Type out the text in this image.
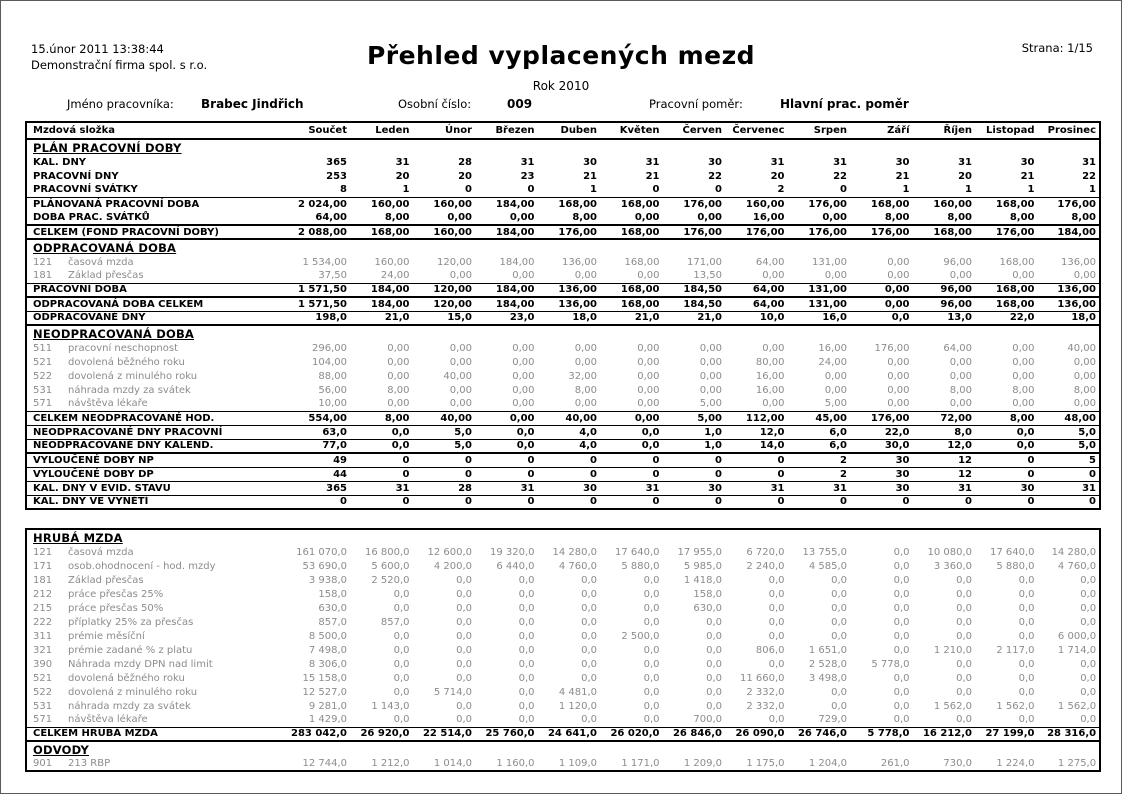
15.únor 2011 13:38:44
Demonstrační firma spol. s r.o.	Přehled vyplacených mezd
Rok 2010
Strana: 1/15
Jméno pracovníka: Brabec Jindřich	Osobní číslo:	009	Pracovní poměr:	Hlavní prac. poměr
Mzdová složka	Součet	Leden	Únor	Březen	Duben	Květen	Červen	Červenec	Srpen	Září	Říjen	Listopad	Prosinec
PLÁN PRACOVNÍ DOBY													
KAL. DNY	365	31	28	31	30	31	30	31	31	30	31	30	31
PRACOVNÍ DNY	253	20	20	23	21	21	22	20	22	21	20	21	22
PRACOVNÍ SVÁTKY	8	1	0	0	1	0	0	2	0	1	1	1	1
PLÁNOVANÁ PRACOVNÍ DOBA	2 024,00	160,00	160,00	184,00	168,00	168,00	176,00	160,00	176,00	168,00	160,00	168,00	176,00
DOBA PRAC. SVÁTKŮ	64,00	8,00	0,00	0,00	8,00	0,00	0,00	16,00	0,00	8,00	8,00	8,00	8,00
CELKEM (FOND PRACOVNÍ DOBY)	2 088,00	168,00	160,00	184,00	176,00	168,00	176,00	176,00	176,00	176,00	168,00	176,00	184,00
ODPRACOVANÁ DOBA													
121 časová mzda	1 534,00	160,00	120,00	184,00	136,00	168,00	171,00	64,00	131,00	0,00	96,00	168,00	136,00
181 Základ přesčas	37,50	24,00	0,00	0,00	0,00	0,00	13,50	0,00	0,00	0,00	0,00	0,00	0,00
PRACOVNÍ DOBA	1 571,50	184,00	120,00	184,00	136,00	168,00	184,50	64,00	131,00	0,00	96,00	168,00	136,00
ODPRACOVANÁ DOBA CELKEM	1 571,50	184,00	120,00	184,00	136,00	168,00	184,50	64,00	131,00	0,00	96,00	168,00	136,00
ODPRACOVANÉ DNY	198,0	21,0	15,0	23,0	18,0	21,0	21,0	10,0	16,0	0,0	13,0	22,0	18,0
NEODPRACOVANÁ DOBA													
511 pracovní neschopnost	296,00	0,00	0,00	0,00	0,00	0,00	0,00	0,00	16,00	176,00	64,00	0,00	40,00
521 dovolená běžného roku	104,00	0,00	0,00	0,00	0,00	0,00	0,00	80,00	24,00	0,00	0,00	0,00	0,00
522 dovolená z minulého roku	88,00	0,00	40,00	0,00	32,00	0,00	0,00	16,00	0,00	0,00	0,00	0,00	0,00
531 náhrada mzdy za svátek	56,00	8,00	0,00	0,00	8,00	0,00	0,00	16,00	0,00	0,00	8,00	8,00	8,00
571 návštěva lékaře	10,00	0,00	0,00	0,00	0,00	0,00	5,00	0,00	5,00	0,00	0,00	0,00	0,00
CELKEM NEODPRACOVANÉ HOD.	554,00	8,00	40,00	0,00	40,00	0,00	5,00	112,00	45,00	176,00	72,00	8,00	48,00
NEODPRACOVANÉ DNY PRACOVNÍ	63,0	0,0	5,0	0,0	4,0	0,0	1,0	12,0	6,0	22,0	8,0	0,0	5,0
NEODPRACOVANÉ DNY KALEND.	77,0	0,0	5,0	0,0	4,0	0,0	1,0	14,0	6,0	30,0	12,0	0,0	5,0
VYLOUČENÉ DOBY NP	49	0	0	0	0	0	0	0	2	30	12	0	5
VYLOUČENÉ DOBY DP	44	0	0	0	0	0	0	0	2	30	12	0	0
KAL. DNY V EVID. STAVU	365	31	28	31	30	31	30	31	31	30	31	30	31
KAL. DNY VE VYNĚTÍ	0	0	0	0	0	0	0	0	0	0	0	0	0
HRUBÁ MZDA													
121 časová mzda	161 070,0	16 800,0	12 600,0	19 320,0	14 280,0	17 640,0	17 955,0	6 720,0	13 755,0	0,0	10 080,0	17 640,0	14 280,0
171 osob.ohodnocení - hod. mzdy	53 690,0	5 600,0	4 200,0	6 440,0	4 760,0	5 880,0	5 985,0	2 240,0	4 585,0	0,0	3 360,0	5 880,0	4 760,0
181 Základ přesčas	3 938,0	2 520,0	0,0	0,0	0,0	0,0	1 418,0	0,0	0,0	0,0	0,0	0,0	0,0
212 práce přesčas 25%	158,0	0,0	0,0	0,0	0,0	0,0	158,0	0,0	0,0	0,0	0,0	0,0	0,0
215 práce přesčas 50%	630,0	0,0	0,0	0,0	0,0	0,0	630,0	0,0	0,0	0,0	0,0	0,0	0,0
222 příplatky 25% za přesčas	857,0	857,0	0,0	0,0	0,0	0,0	0,0	0,0	0,0	0,0	0,0	0,0	0,0
311 prémie měsíční	8 500,0	0,0	0,0	0,0	0,0	2 500,0	0,0	0,0	0,0	0,0	0,0	0,0	6 000,0
321 prémie zadané % z platu	7 498,0	0,0	0,0	0,0	0,0	0,0	0,0	806,0	1 651,0	0,0	1 210,0	2 117,0	1 714,0
390 Náhrada mzdy DPN nad limit	8 306,0	0,0	0,0	0,0	0,0	0,0	0,0	0,0	2 528,0	5 778,0	0,0	0,0	0,0
521 dovolená běžného roku	15 158,0	0,0	0,0	0,0	0,0	0,0	0,0	11 660,0	3 498,0	0,0	0,0	0,0	0,0
522 dovolená z minulého roku	12 527,0	0,0	5 714,0	0,0	4 481,0	0,0	0,0	2 332,0	0,0	0,0	0,0	0,0	0,0
531 náhrada mzdy za svátek	9 281,0	1 143,0	0,0	0,0	1 120,0	0,0	0,0	2 332,0	0,0	0,0	1 562,0	1 562,0	1 562,0
571 návštěva lékaře	1 429,0	0,0	0,0	0,0	0,0	0,0	700,0	0,0	729,0	0,0	0,0	0,0	0,0
CELKEM HRUBÁ MZDA	283 042,0	26 920,0	22 514,0	25 760,0	24 641,0	26 020,0	26 846,0	26 090,0	26 746,0	5 778,0	16 212,0	27 199,0	28 316,0
ODVODY													
901 213 RBP	12 744,0	1 212,0	1 014,0	1 160,0	1 109,0	1 171,0	1 209,0	1 175,0	1 204,0	261,0	730,0	1 224,0	1 275,0
